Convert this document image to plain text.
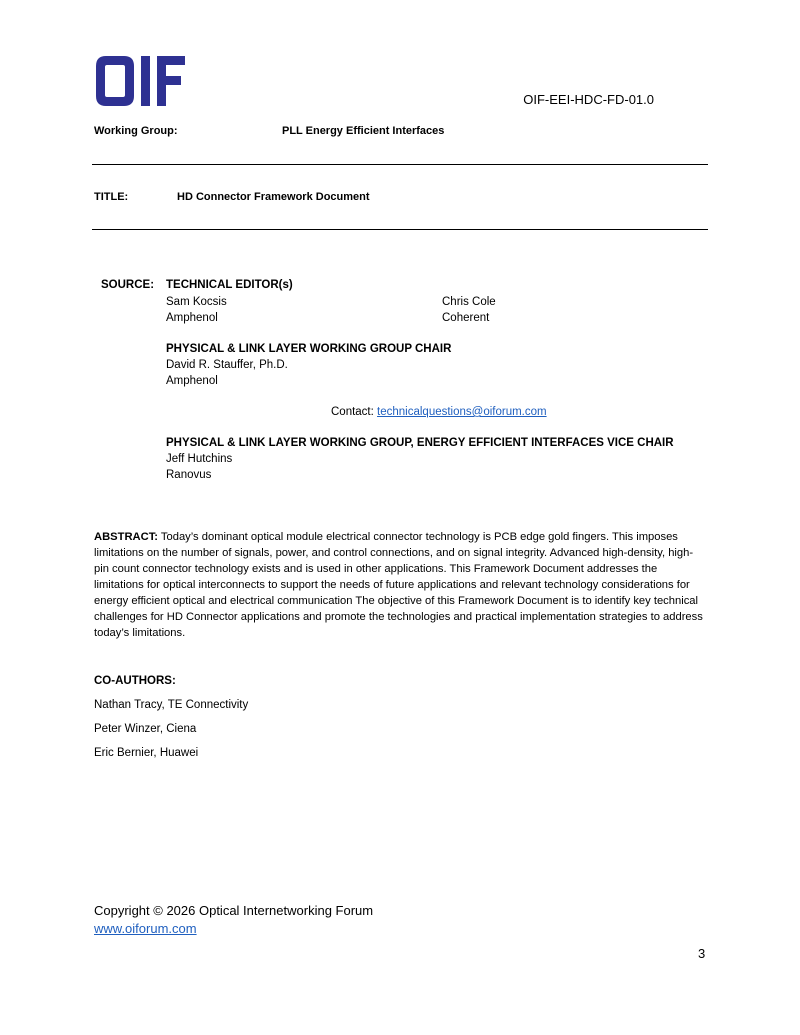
OIF-EEI-HDC-FD-01.0
Working Group:	PLL Energy Efficient Interfaces
TITLE:	HD Connector Framework Document
SOURCE: TECHNICAL EDITOR(s)
Sam Kocsis
Amphenol
Chris Cole
Coherent
PHYSICAL & LINK LAYER WORKING GROUP CHAIR
David R. Stauffer, Ph.D.
Amphenol
Contact: technicalquestions@oiforum.com
PHYSICAL & LINK LAYER WORKING GROUP, ENERGY EFFICIENT INTERFACES VICE CHAIR
Jeff Hutchins
Ranovus
ABSTRACT: Today’s dominant optical module electrical connector technology is PCB edge gold fingers. This imposes limitations on the number of signals, power, and control connections, and on signal integrity. Advanced high-density, high-pin count connector technology exists and is used in other applications. This Framework Document addresses the limitations for optical interconnects to support the needs of future applications and relevant technology considerations for energy efficient optical and electrical communication The objective of this Framework Document is to identify key technical challenges for HD Connector applications and promote the technologies and practical implementation strategies to address today’s limitations.
CO-AUTHORS:
Nathan Tracy, TE Connectivity
Peter Winzer, Ciena
Eric Bernier, Huawei
Copyright © 2026 Optical Internetworking Forum
www.oiforum.com
3
